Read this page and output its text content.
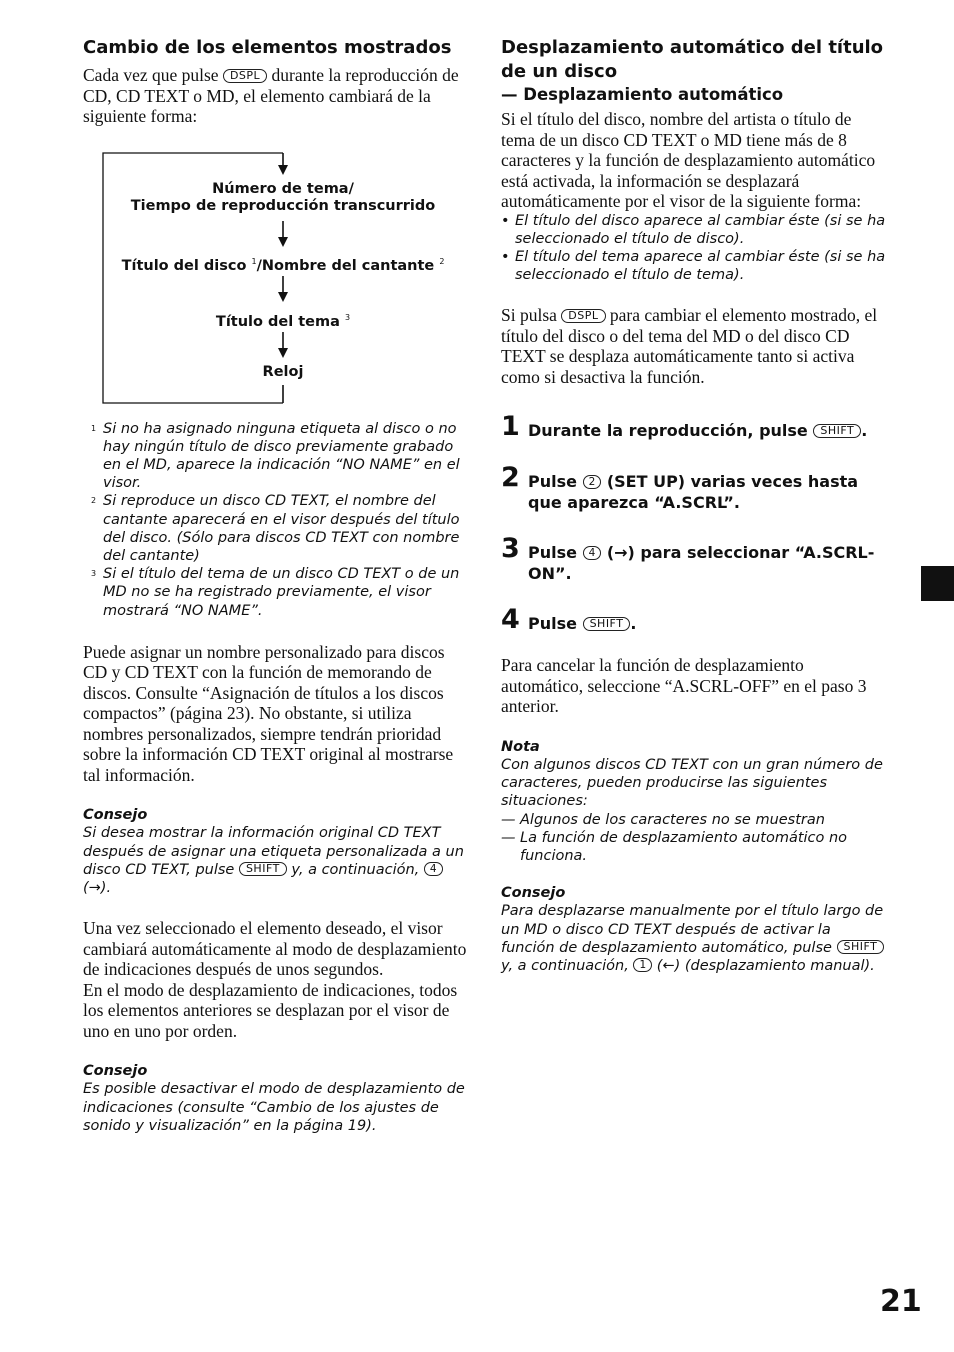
Cambio de los elementos mostrados

Cada vez que pulse DSPL durante la reproducción de CD, CD TEXT o MD, el elemento cambiará de la siguiente forma:

Número de tema/
Tiempo de reproducción transcurrido
Título del disco $^1$/Nombre del cantante $^2$
Título del tema $^3$
Reloj

1 Si no ha asignado ninguna etiqueta al disco o no hay ningún título de disco previamente grabado en el MD, aparece la indicación “NO NAME” en el visor.

2 Si reproduce un disco CD TEXT, el nombre del cantante aparecerá en el visor después del título del disco. (Sólo para discos CD TEXT con nombre del cantante)

3 Si el título del tema de un disco CD TEXT o de un MD no se ha registrado previamente, el visor mostrará “NO NAME”.

Puede asignar un nombre personalizado para discos CD y CD TEXT con la función de memorando de discos. Consulte “Asignación de títulos a los discos compactos” (página 23). No obstante, si utiliza nombres personalizados, siempre tendrán prioridad sobre la información CD TEXT original al mostrarse tal información.

Consejo

Si desea mostrar la información original CD TEXT después de asignar una etiqueta personalizada a un disco CD TEXT, pulse SHIFT y, a continuación, 4 (→).

Una vez seleccionado el elemento deseado, el visor cambiará automáticamente al modo de desplazamiento de indicaciones después de unos segundos.

En el modo de desplazamiento de indicaciones, todos los elementos anteriores se desplazan por el visor de uno en uno por orden.

Consejo

Es posible desactivar el modo de desplazamiento de indicaciones (consulte “Cambio de los ajustes de sonido y visualización” en la página 19).

Desplazamiento automático del título de un disco

— Desplazamiento automático

Si el título del disco, nombre del artista o título de tema de un disco CD TEXT o MD tiene más de 8 caracteres y la función de desplazamiento automático está activada, la información se desplazará automáticamente por el visor de la siguiente forma:

• El título del disco aparece al cambiar éste (si se ha seleccionado el título de disco).

• El título del tema aparece al cambiar éste (si se ha seleccionado el título de tema).

Si pulsa DSPL para cambiar el elemento mostrado, el título del disco o del tema del MD o del disco CD TEXT se desplaza automáticamente tanto si activa como si desactiva la función.

1 Durante la reproducción, pulse SHIFT .

2 Pulse 2 (SET UP) varias veces hasta que aparezca “A.SCRL”.

3 Pulse 4 (→) para seleccionar “A.SCRL-ON”.

4 Pulse SHIFT .

Para cancelar la función de desplazamiento automático, seleccione “A.SCRL-OFF” en el paso 3 anterior.

Nota

Con algunos discos CD TEXT con un gran número de caracteres, pueden producirse las siguientes situaciones:

— Algunos de los caracteres no se muestran

— La función de desplazamiento automático no funciona.

Consejo

Para desplazarse manualmente por el título largo de un MD o disco CD TEXT después de activar la función de desplazamiento automático, pulse SHIFT y, a continuación, 1 (←) (desplazamiento manual).

21
